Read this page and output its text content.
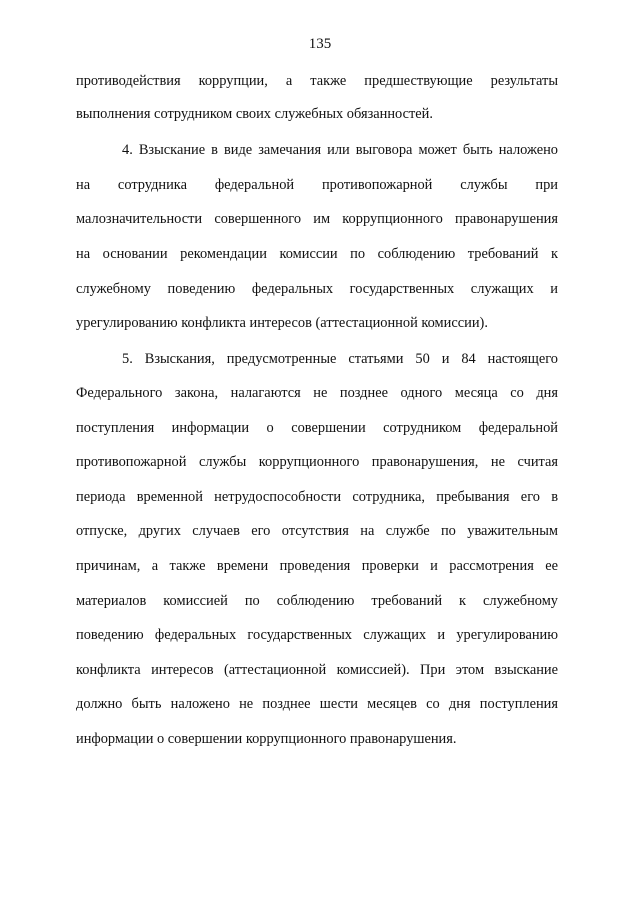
135
противодействия коррупции, а также предшествующие результаты
выполнения сотрудником своих служебных обязанностей.
4. Взыскание в виде замечания или выговора может быть наложено
на сотрудника федеральной противопожарной службы при
малозначительности совершенного им коррупционного правонарушения
на основании рекомендации комиссии по соблюдению требований к
служебному поведению федеральных государственных служащих и
урегулированию конфликта интересов (аттестационной комиссии).
5. Взыскания, предусмотренные статьями 50 и 84 настоящего
Федерального закона, налагаются не позднее одного месяца со дня
поступления информации о совершении сотрудником федеральной
противопожарной службы коррупционного правонарушения, не считая
периода временной нетрудоспособности сотрудника, пребывания его в
отпуске, других случаев его отсутствия на службе по уважительным
причинам, а также времени проведения проверки и рассмотрения ее
материалов комиссией по соблюдению требований к служебному
поведению федеральных государственных служащих и урегулированию
конфликта интересов (аттестационной комиссией). При этом взыскание
должно быть наложено не позднее шести месяцев со дня поступления
информации о совершении коррупционного правонарушения.
